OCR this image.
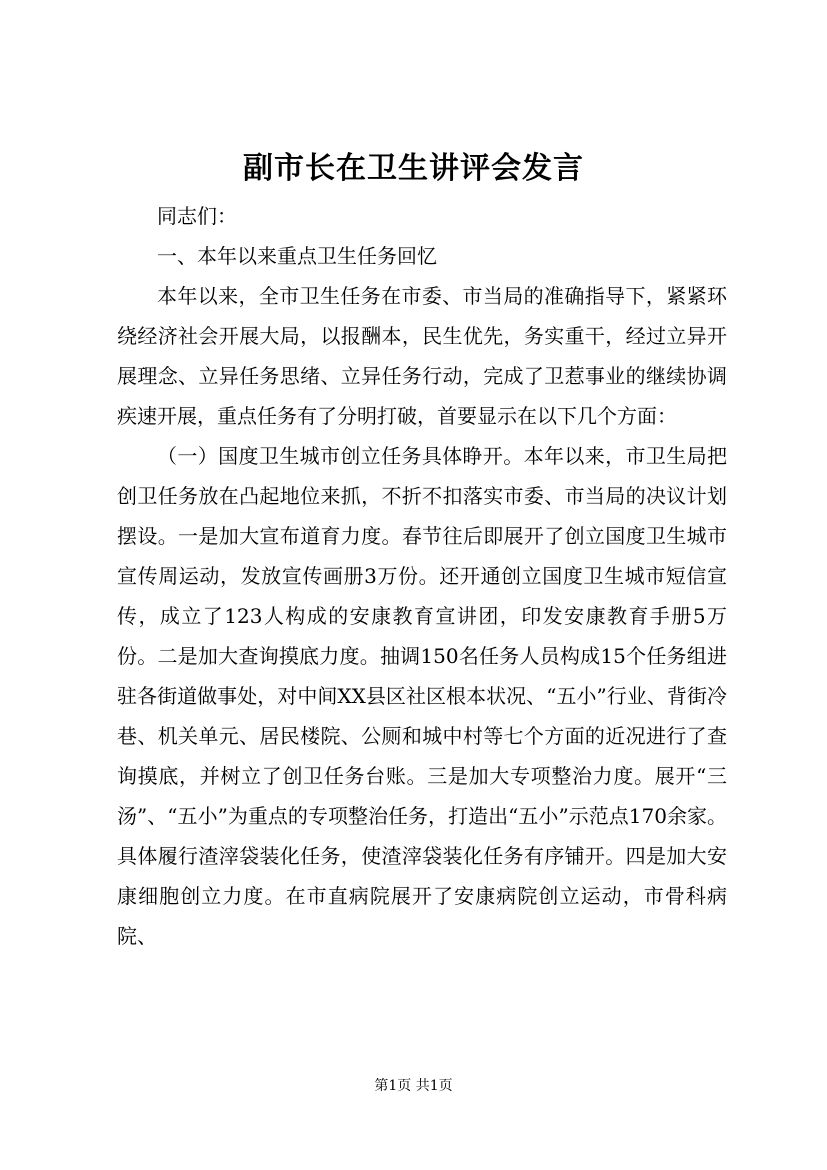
副市长在卫生讲评会发言

同志们：

一、本年以来重点卫生任务回忆

本年以来，全市卫生任务在市委、市当局的准确指导下，紧紧环绕经济社会开展大局，以报酬本，民生优先，务实重干，经过立异开展理念、立异任务思绪、立异任务行动，完成了卫惹事业的继续协调疾速开展，重点任务有了分明打破，首要显示在以下几个方面：

（一）国度卫生城市创立任务具体睁开。本年以来，市卫生局把创卫任务放在凸起地位来抓，不折不扣落实市委、市当局的决议计划摆设。一是加大宣布道育力度。春节往后即展开了创立国度卫生城市宣传周运动，发放宣传画册3万份。还开通创立国度卫生城市短信宣传，成立了123人构成的安康教育宣讲团，印发安康教育手册5万份。二是加大查询摸底力度。抽调150名任务人员构成15个任务组进驻各街道做事处，对中间XX县区社区根本状况、“五小”行业、背街冷巷、机关单元、居民楼院、公厕和城中村等七个方面的近况进行了查询摸底，并树立了创卫任务台账。三是加大专项整治力度。展开“三汤”、“五小”为重点的专项整治任务，打造出“五小”示范点170余家。具体履行渣滓袋装化任务，使渣滓袋装化任务有序铺开。四是加大安康细胞创立力度。在市直病院展开了安康病院创立运动，市骨科病院、

第1页 共1页
